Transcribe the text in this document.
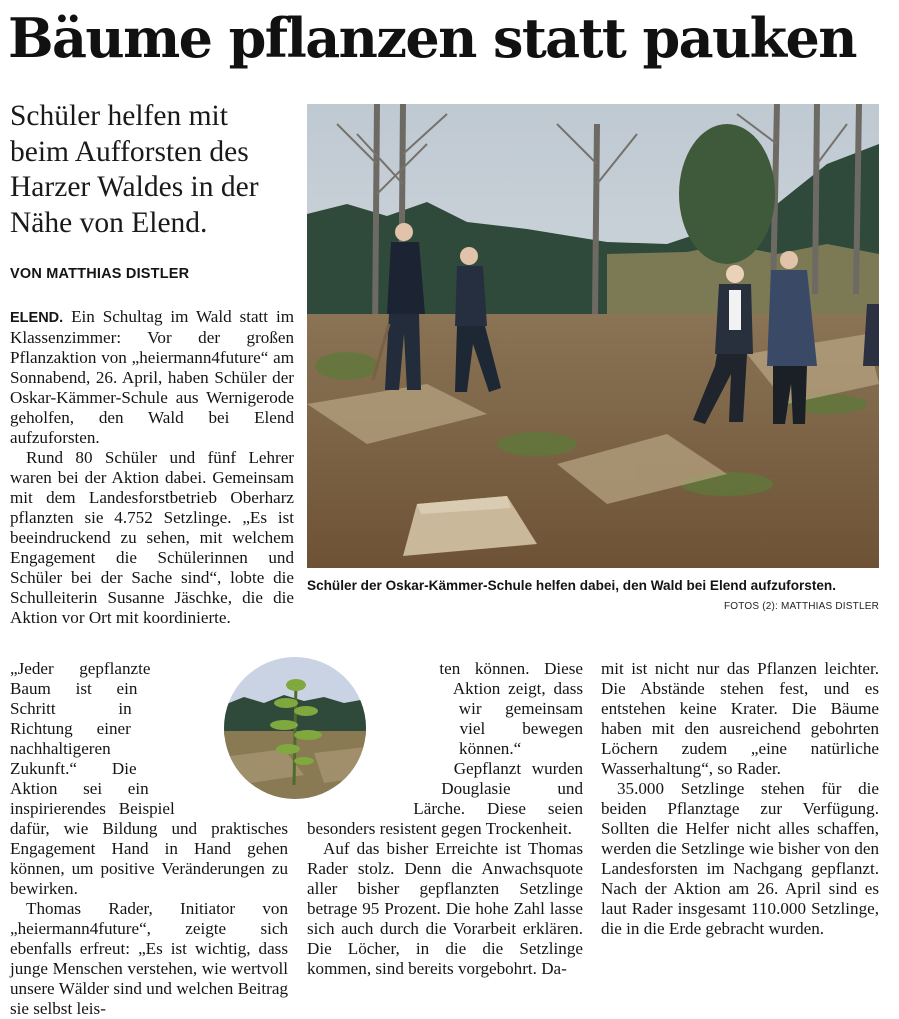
Bäume pflanzen statt pauken

Schüler helfen mit beim Aufforsten des Harzer Waldes in der Nähe von Elend.

VON MATTHIAS DISTLER

ELEND. Ein Schultag im Wald statt im Klassenzimmer: Vor der großen Pflanzaktion von „heiermann4future“ am Sonnabend, 26. April, haben Schüler der Oskar-Kämmer-Schule aus Wernigerode geholfen, den Wald bei Elend aufzuforsten.

Rund 80 Schüler und fünf Lehrer waren bei der Aktion dabei. Gemeinsam mit dem Landesforstbetrieb Oberharz pflanzten sie 4.752 Setzlinge. „Es ist beeindruckend zu sehen, mit welchem Engagement die Schülerinnen und Schüler bei der Sache sind“, lobte die Schulleiterin Susanne Jäschke, die die Aktion vor Ort mit koordinierte.

Schüler der Oskar-Kämmer-Schule helfen dabei, den Wald bei Elend aufzuforsten.

FOTOS (2): MATTHIAS DISTLER

„Jeder gepflanzte Baum ist ein Schritt in Richtung einer nachhaltigeren Zukunft.“ Die Aktion sei ein inspirierendes Beispiel dafür, wie Bildung und praktisches Engagement Hand in Hand gehen können, um positive Veränderungen zu bewirken.

Thomas Rader, Initiator von „heiermann4future“, zeigte sich ebenfalls erfreut: „Es ist wichtig, dass junge Menschen verstehen, wie wertvoll unsere Wälder sind und welchen Beitrag sie selbst leis-

ten können. Diese Aktion zeigt, dass wir gemeinsam viel bewegen können.“ Gepflanzt wurden Douglasie und Lärche. Diese seien besonders resistent gegen Trockenheit.

Auf das bisher Erreichte ist Thomas Rader stolz. Denn die Anwachsquote aller bisher gepflanzten Setzlinge betrage 95 Prozent. Die hohe Zahl lasse sich auch durch die Vorarbeit erklären. Die Löcher, in die die Setzlinge kommen, sind bereits vorgebohrt. Da-

mit ist nicht nur das Pflanzen leichter. Die Abstände stehen fest, und es entstehen keine Krater. Die Bäume haben mit den ausreichend gebohrten Löchern zudem „eine natürliche Wasserhaltung“, so Rader.

35.000 Setzlinge stehen für die beiden Pflanztage zur Verfügung. Sollten die Helfer nicht alles schaffen, werden die Setzlinge wie bisher von den Landesforsten im Nachgang gepflanzt. Nach der Aktion am 26. April sind es laut Rader insgesamt 110.000 Setzlinge, die in die Erde gebracht wurden.
